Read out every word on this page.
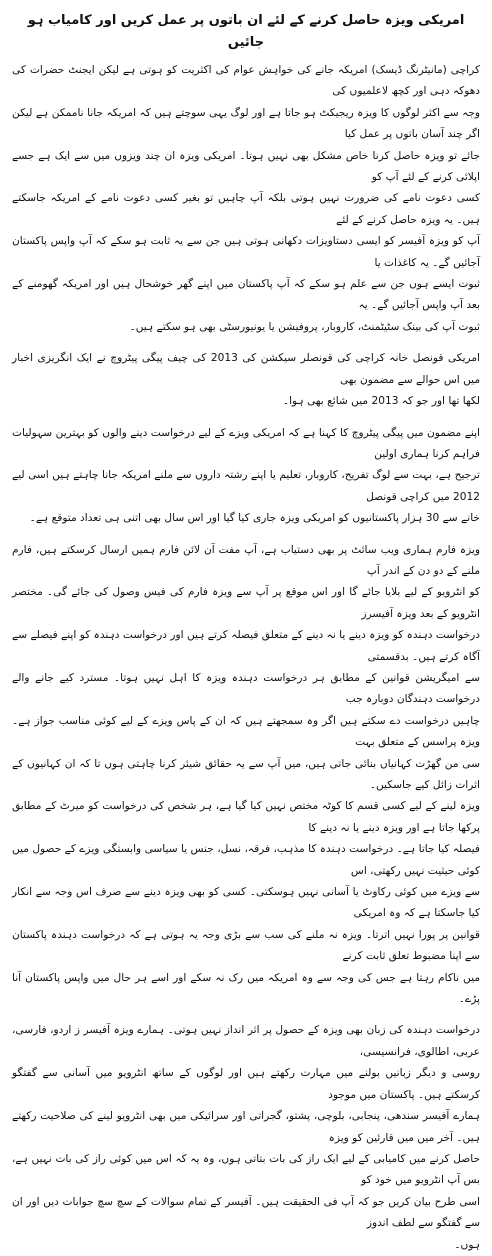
امریکی ویزہ حاصل کرنے کے لئے ان باتوں پر عمل کریں اور کامیاب ہو جائیں

کراچی (مانیٹرنگ ڈیسک) امریکہ جانے کی خواہش عوام کی اکثریت کو ہوتی ہے لیکن ایجنٹ حضرات کی دھوکہ دہی اور کچھ لاعلمیوں کی
وجہ سے اکثر لوگوں کا ویزہ ریجیکٹ ہو جاتا ہے اور لوگ یہی سوچتے ہیں کہ امریکہ جانا ناممکن ہے لیکن اگر چند آسان باتوں پر عمل کیا
جائے تو ویزہ حاصل کرنا خاص مشکل بھی نہیں ہوتا۔ امریکی ویزہ ان چند ویزوں میں سے ایک ہے جسے اپلائی کرنے کے لئے آپ کو
کسی دعوت نامے کی ضرورت نہیں ہوتی بلکہ آپ چاہیں تو بغیر کسی دعوت نامے کے امریکہ جاسکتے ہیں۔ یہ ویزہ حاصل کرنے کے لئے
آپ کو ویزہ آفیسر کو ایسی دستاویزات دکھانی ہوتی ہیں جن سے یہ ثابت ہو سکے کہ آپ واپس پاکستان آجائیں گے۔ یہ کاغذات یا
ثبوت ایسے ہوں جن سے علم ہو سکے کہ آپ پاکستان میں اپنے گھر خوشحال ہیں اور امریکہ گھومنے کے بعد آپ واپس آجائیں گے۔ یہ
ثبوت آپ کی بینک سٹیٹمنٹ، کاروبار، پروفیشن یا یونیورسٹی بھی ہو سکتے ہیں۔

امریکی قونصل خانہ کراچی کی قونصلر سیکشن کی 2013 کی چیف پیگی پیٹروچ نے ایک انگریزی اخبار میں اس حوالے سے مضمون بھی
لکھا تھا اور جو کہ 2013 میں شائع بھی ہوا۔

اپنے مضمون میں پیگی پیٹروچ کا کہنا ہے کہ امریکی ویزے کے لیے درخواست دینے والوں کو بہترین سہولیات فراہم کرنا ہماری اولین
ترجیح ہے، بہت سے لوگ تفریح، کاروبار، تعلیم یا اپنے رشتہ داروں سے ملنے امریکہ جانا چاہتے ہیں اسی لیے 2012 میں کراچی قونصل
خانے سے 30 ہزار پاکستانیوں کو امریکی ویزہ جاری کیا گیا اور اس سال بھی اتنی ہی تعداد متوقع ہے۔

ویزہ فارم ہماری ویب سائٹ پر بھی دستیاب ہے، آپ مفت آن لائن فارم ہمیں ارسال کرسکتے ہیں، فارم ملنے کے دو دن کے اندر آپ
کو انٹرویو کے لیے بلایا جائے گا اور اس موقع پر آپ سے ویزہ فارم کی فیس وصول کی جائے گی۔ مختصر انٹرویو کے بعد ویزہ آفیسرز
درخواست دہندہ کو ویزہ دینے یا نہ دینے کے متعلق فیصلہ کرتے ہیں اور درخواست دہندہ کو اپنے فیصلے سے آگاہ کرتے ہیں۔ بدقسمتی
سے امیگریشن قوانین کے مطابق ہر درخواست دہندہ ویزہ کا اہل نہیں ہوتا۔ مسترد کیے جانے والے درخواست دہندگان دوبارہ جب
چاہیں درخواست دے سکتے ہیں اگر وہ سمجھتے ہیں کہ ان کے پاس ویزے کے لیے کوئی مناسب جواز ہے۔ ویزہ پراسس کے متعلق بہت
سی من گھڑت کہانیاں بنائی جاتی ہیں، میں آپ سے یہ حقائق شیئر کرنا چاہتی ہوں تا کہ ان کہانیوں کے اثرات زائل کیے جاسکیں۔
ویزہ لینے کے لیے کسی قسم کا کوٹہ مختص نہیں کیا گیا ہے، ہر شخص کی درخواست کو میرٹ کے مطابق پرکھا جاتا ہے اور ویزہ دینے یا نہ دینے کا
فیصلہ کیا جاتا ہے۔ درخواست دہندہ کا مذہب، فرقہ، نسل، جنس یا سیاسی وابستگی ویزے کے حصول میں کوئی حیثیت نہیں رکھتی، اس
سے ویزے میں کوئی رکاوٹ یا آسانی نہیں ہوسکتی۔ کسی کو بھی ویزہ دینے سے صرف اس وجہ سے انکار کیا جاسکتا ہے کہ وہ امریکی
قوانین پر پورا نہیں اترتا۔ ویزہ نہ ملنے کی سب سے بڑی وجہ یہ ہوتی ہے کہ درخواست دہندہ پاکستان سے اپنا مضبوط تعلق ثابت کرنے
میں ناکام رہتا ہے جس کی وجہ سے وہ امریکہ میں رک نہ سکے اور اسے ہر حال میں واپس پاکستان آنا پڑے۔

درخواست دہندہ کی زبان بھی ویزہ کے حصول پر اثر انداز نہیں ہوتی۔ ہمارے ویزہ آفیسر ز اردو، فارسی، عربی، اطالوی، فرانسیسی،
روسی و دیگر زبانیں بولنے میں مہارت رکھتے ہیں اور لوگوں کے ساتھ انٹرویو میں آسانی سے گفتگو کرسکتے ہیں۔ پاکستان میں موجود
ہمارے آفیسر سندھی، پنجابی، بلوچی، پشتو، گجراتی اور سرائیکی میں بھی انٹرویو لینے کی صلاحیت رکھتے ہیں۔ آخر میں میں قارئین کو ویزہ
حاصل کرنے میں کامیابی کے لیے ایک راز کی بات بتاتی ہوں، وہ یہ کہ اس میں کوئی راز کی بات نہیں ہے، بس آپ انٹرویو میں خود کو
اسی طرح بیان کریں جو کہ آپ فی الحقیقت ہیں۔ آفیسر کے تمام سوالات کے سچ سچ جوابات دیں اور ان سے گفتگو سے لطف اندوز
ہوں۔
